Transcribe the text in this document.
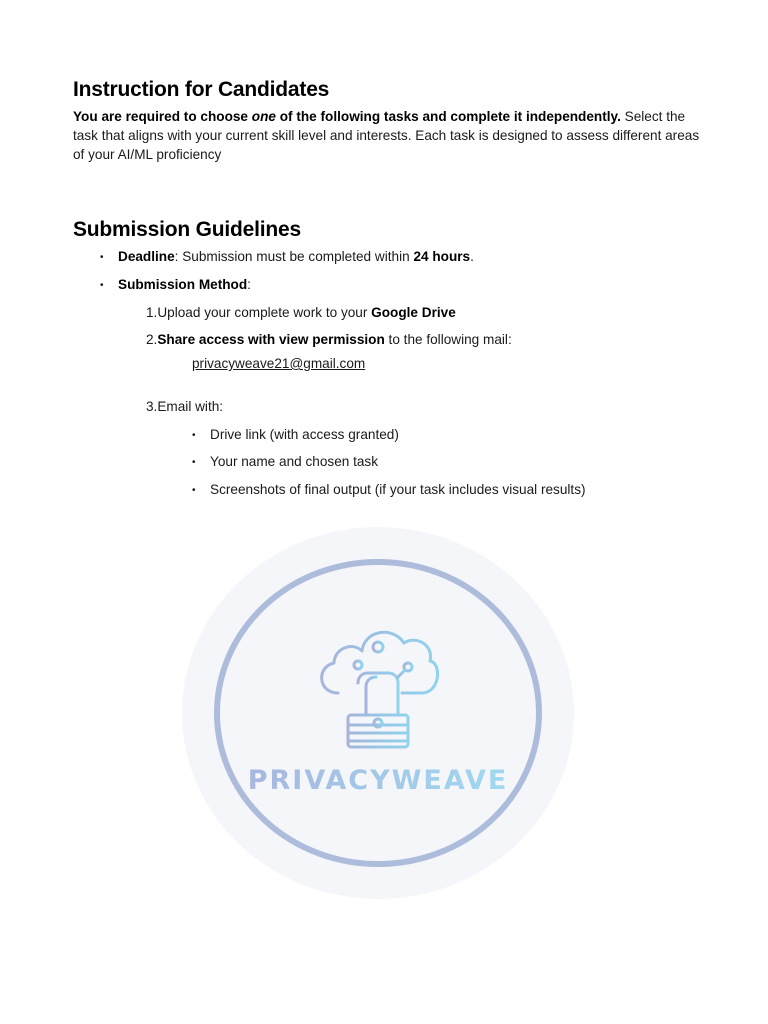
Instruction for Candidates
You are required to choose one of the following tasks and complete it independently. Select the task that aligns with your current skill level and interests. Each task is designed to assess different areas of your AI/ML proficiency
Submission Guidelines
• Deadline: Submission must be completed within 24 hours.
• Submission Method:
1.Upload your complete work to your Google Drive
2.Share access with view permission to the following mail:
privacyweave21@gmail.com
3.Email with:
• Drive link (with access granted)
• Your name and chosen task
• Screenshots of final output (if your task includes visual results)
PRIVACYWEAVE
